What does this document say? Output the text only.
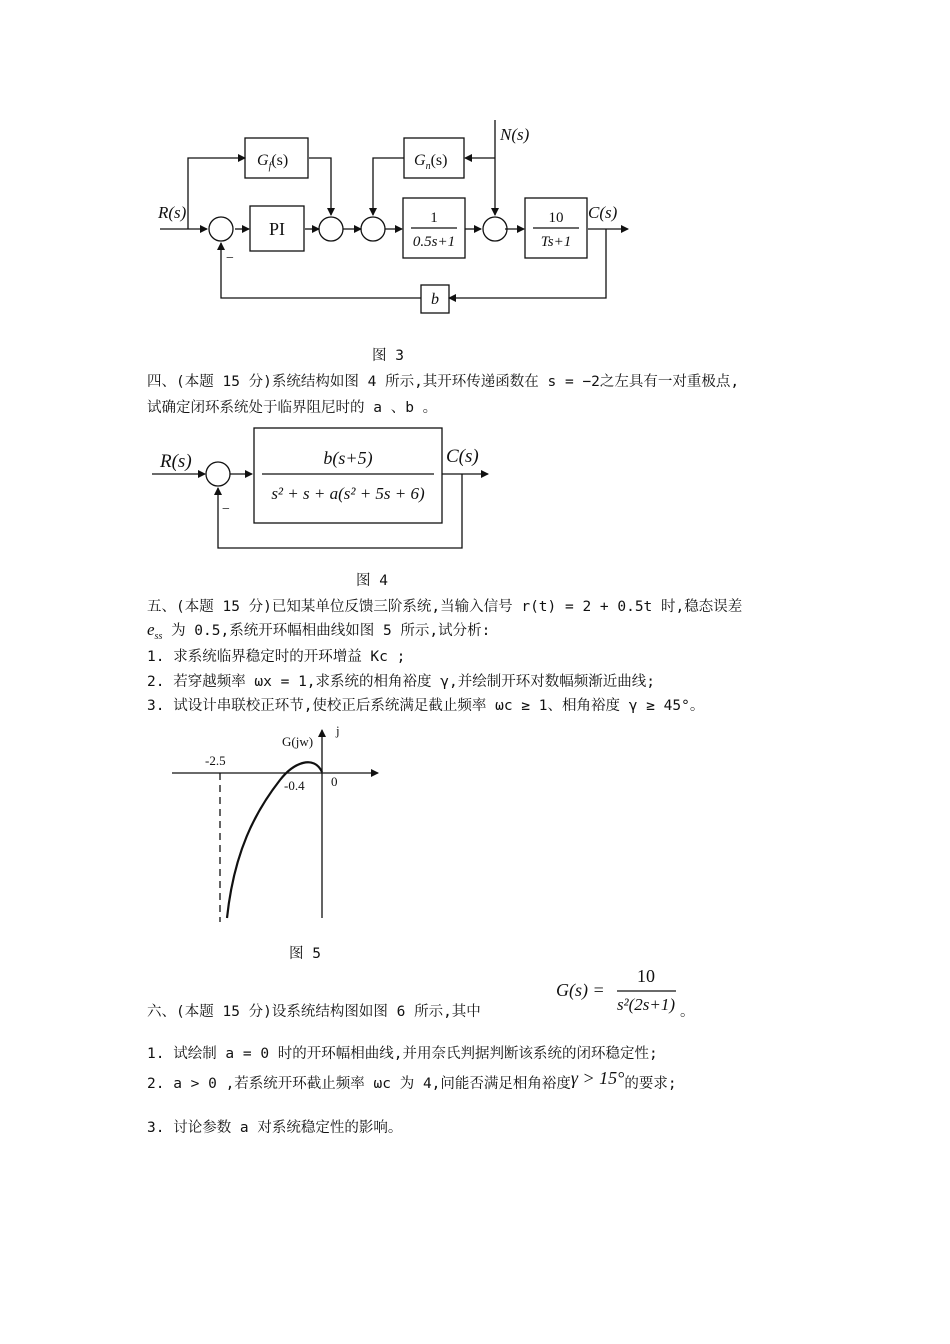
R(s)	C(s)
N(s)
$G_f(s)$	$G_n(s)$
PI
1
0.5s+1
10
Ts+1
b
−
图 3
四、(本题 15 分)系统结构如图 4 所示,其开环传递函数在 s = −2之左具有一对重极点,
试确定闭环系统处于临界阻尼时的 a 、b 。
R(s)	C(s)
b(s+5)
s² + s + a(s² + 5s + 6)
−
图 4
五、(本题 15 分)已知某单位反馈三阶系统,当输入信号 r(t) = 2 + 0.5t 时,稳态误差
$e_{ss}$ 为 0.5,系统开环幅相曲线如图 5 所示,试分析:
1. 求系统临界稳定时的开环增益 Kc ;
2. 若穿越频率 ωx = 1,求系统的相角裕度 γ,并绘制开环对数幅频渐近曲线;
3. 试设计串联校正环节,使校正后系统满足截止频率 ωc ≥ 1、相角裕度 γ ≥ 45°。
G(jw)
j
0
-2.5
-0.4
图 5
六、(本题 15 分)设系统结构图如图 6 所示,其中
G(s) =
10
s²(2s+1) 。
1. 试绘制 a = 0 时的开环幅相曲线,并用奈氏判据判断该系统的闭环稳定性;
2. a > 0 ,若系统开环截止频率 ωc 为 4,问能否满足相角裕度γ > 15°的要求;
3. 讨论参数 a 对系统稳定性的影响。
